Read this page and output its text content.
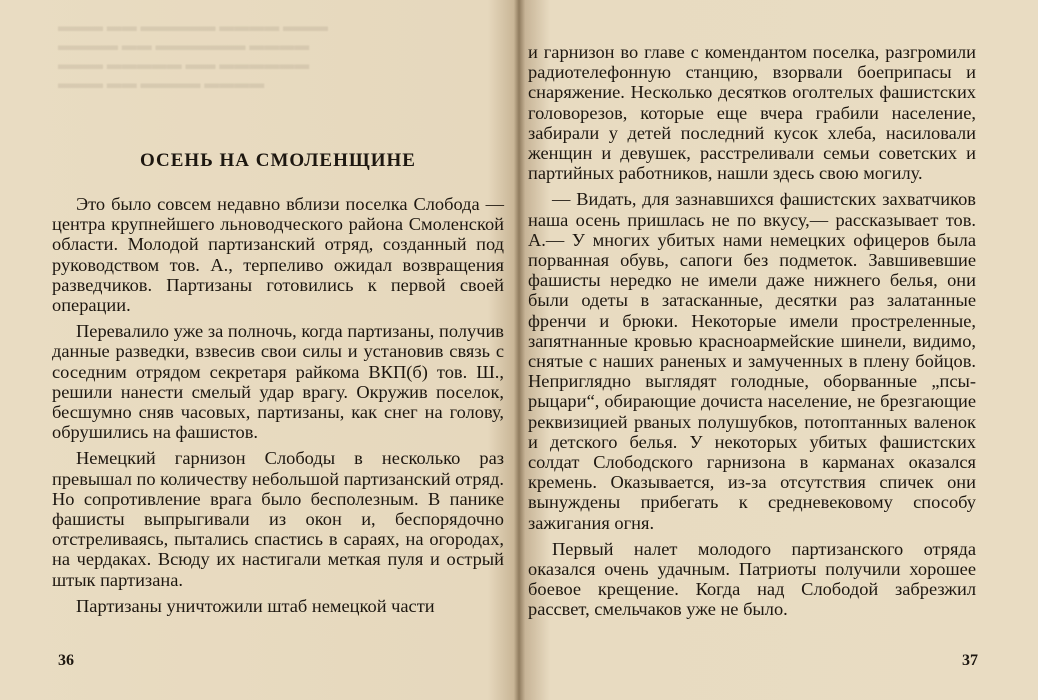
▬▬▬ ▬▬ ▬▬▬▬▬ ▬▬▬▬ ▬▬▬
▬▬▬▬ ▬▬ ▬▬▬▬▬▬ ▬▬▬▬
▬▬▬ ▬▬▬▬▬ ▬▬ ▬▬▬▬▬▬
▬▬▬ ▬▬ ▬▬▬▬ ▬▬▬▬
ОСЕНЬ НА СМОЛЕНЩИНЕ

Это было совсем недавно вблизи поселка Слобода — центра крупнейшего льноводческого района Смоленской области. Молодой партизанский отряд, созданный под руководством тов. А., терпеливо ожидал возвращения разведчиков. Партизаны готовились к первой своей операции.

Перевалило уже за полночь, когда партизаны, получив данные разведки, взвесив свои силы и установив связь с соседним отрядом секретаря райкома ВКП(б) тов. Ш., решили нанести смелый удар врагу. Окружив поселок, бесшумно сняв часовых, партизаны, как снег на голову, обрушились на фашистов.

Немецкий гарнизон Слободы в несколько раз превышал по количеству небольшой партизанский отряд. Но сопротивление врага было бесполезным. В панике фашисты выпрыгивали из окон и, беспорядочно отстреливаясь, пытались спастись в сараях, на огородах, на чердаках. Всюду их настигали меткая пуля и острый штык партизана.

Партизаны уничтожили штаб немецкой части

36

и гарнизон во главе с комендантом поселка, разгромили радиотелефонную станцию, взорвали боеприпасы и снаряжение. Несколько десятков оголтелых фашистских головорезов, которые еще вчера грабили население, забирали у детей последний кусок хлеба, насиловали женщин и девушек, расстреливали семьи советских и партийных работников, нашли здесь свою могилу.

— Видать, для зазнавшихся фашистских захватчиков наша осень пришлась не по вкусу,— рассказывает тов. А.— У многих убитых нами немецких офицеров была порванная обувь, сапоги без подметок. Завшивевшие фашисты нередко не имели даже нижнего белья, они были одеты в затасканные, десятки раз залатанные френчи и брюки. Некоторые имели простреленные, запятнанные кровью красноармейские шинели, видимо, снятые с наших раненых и замученных в плену бойцов. Неприглядно выглядят голодные, оборванные „псы-рыцари“, обирающие дочиста население, не брезгающие реквизицией рваных полушубков, потоптанных валенок и детского белья. У некоторых убитых фашистских солдат Слободского гарнизона в карманах оказался кремень. Оказывается, из-за отсутствия спичек они вынуждены прибегать к средневековому способу зажигания огня.

Первый налет молодого партизанского отряда оказался очень удачным. Патриоты получили хорошее боевое крещение. Когда над Слободой забрезжил рассвет, смельчаков уже не было.

37
